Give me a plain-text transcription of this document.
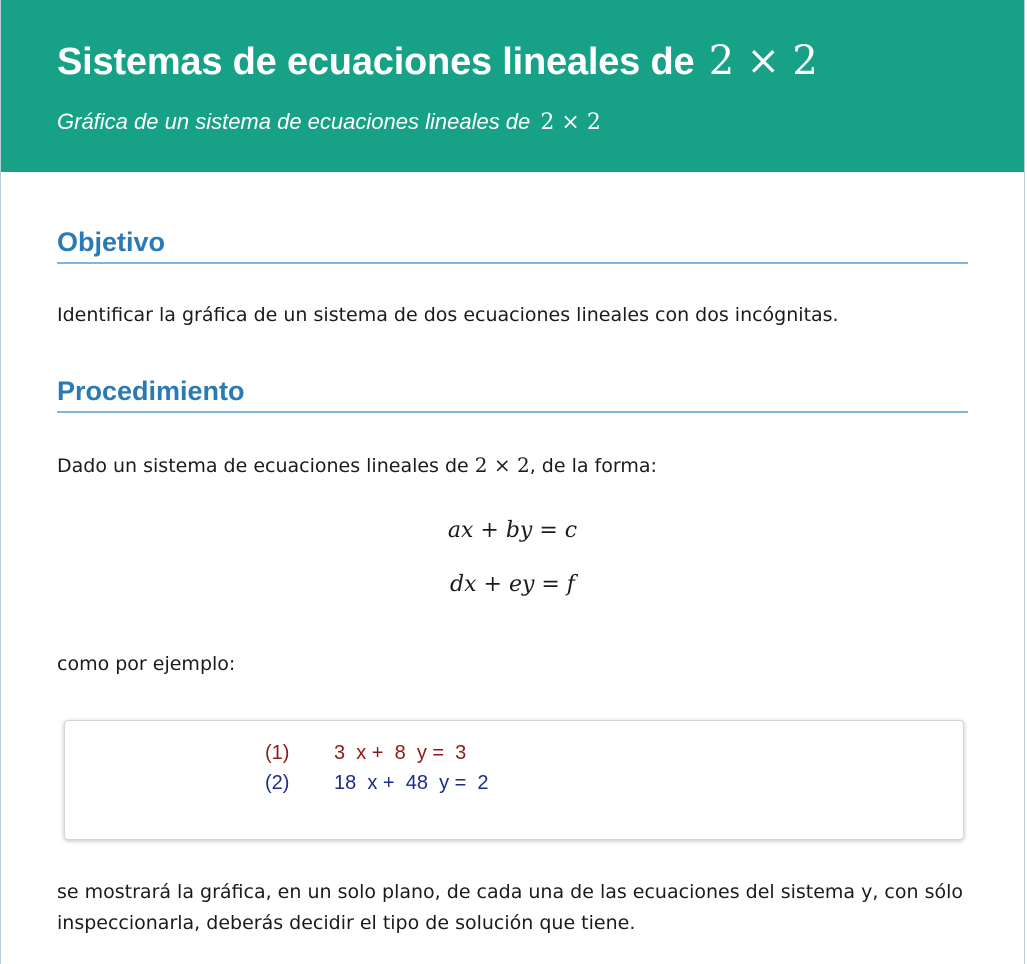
Sistemas de ecuaciones lineales de 2 × 2
Gráfica de un sistema de ecuaciones lineales de 2 × 2
Objetivo

Identificar la gráfica de un sistema de dos ecuaciones lineales con dos incógnitas.

Procedimiento

Dado un sistema de ecuaciones lineales de 2 × 2, de la forma:

ax + by = c
dx + ey = f

como por ejemplo:

(1) 3  x +  8  y =  3
(2) 18  x +  48  y =  2

se mostrará la gráfica, en un solo plano, de cada una de las ecuaciones del sistema y, con sólo inspeccionarla, deberás decidir el tipo de solución que tiene.
